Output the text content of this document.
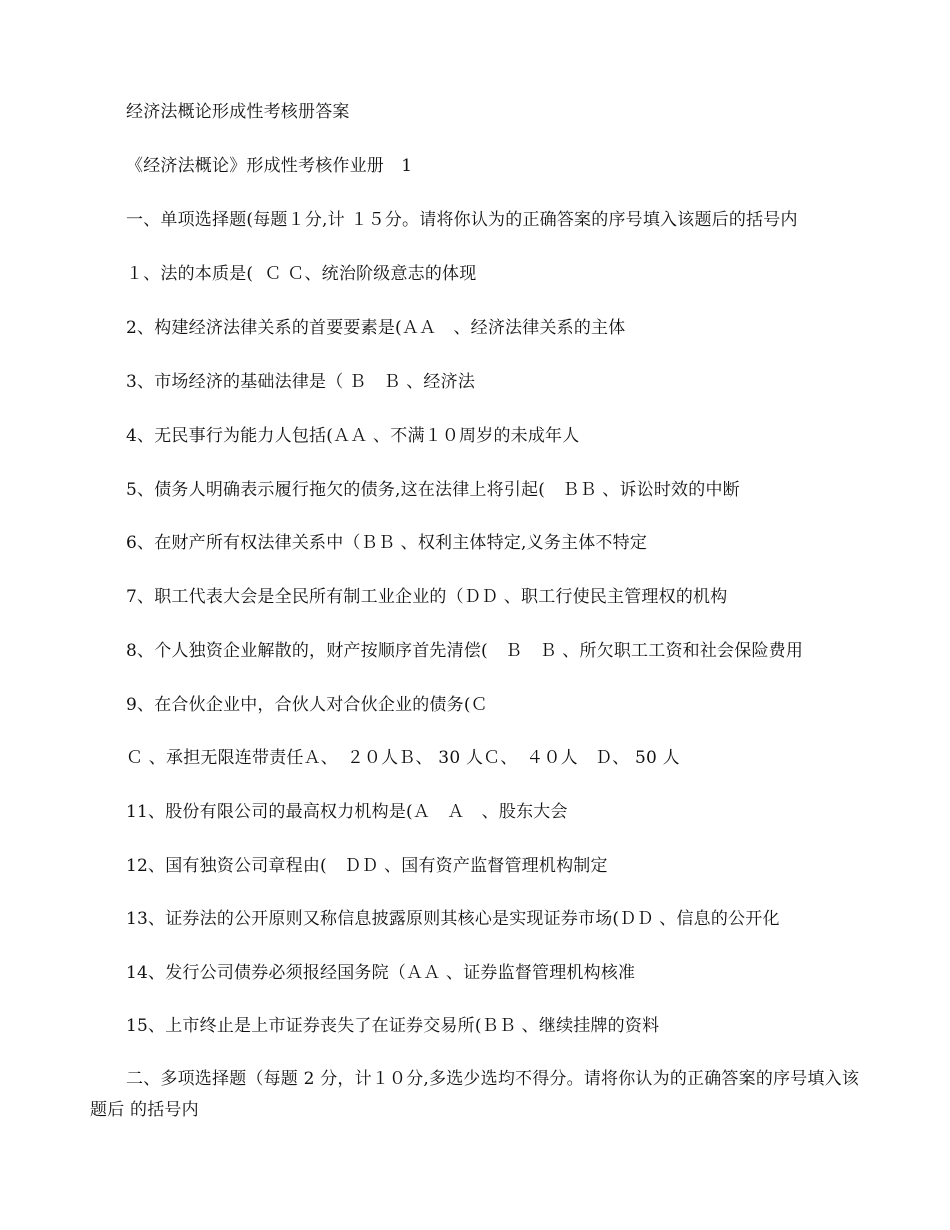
经济法概论形成性考核册答案
《经济法概论》形成性考核作业册　1
一、单项选择题(每题１分,计 １５分。请将你认为的正确答案的序号填入该题后的括号内
１、法的本质是(  Ｃ Ｃ、统治阶级意志的体现
2、构建经济法律关系的首要要素是(ＡＡ　、经济法律关系的主体
3、市场经济的基础法律是（ Ｂ　Ｂ 、经济法
4、无民事行为能力人包括(ＡＡ 、不满１０周岁的未成年人
5、债务人明确表示履行拖欠的债务,这在法律上将引起(　ＢＢ 、诉讼时效的中断
6、在财产所有权法律关系中（ＢＢ 、权利主体特定,义务主体不特定
7、职工代表大会是全民所有制工业企业的（ＤＤ 、职工行使民主管理权的机构
8、个人独资企业解散的，财产按顺序首先清偿(　Ｂ　Ｂ 、所欠职工工资和社会保险费用
9、在合伙企业中，合伙人对合伙企业的债务(Ｃ
Ｃ 、承担无限连带责任Ａ、　２０人Ｂ、 30 人Ｃ、　４０人　Ｄ、 50 人
11、股份有限公司的最高权力机构是(Ａ　Ａ　、股东大会
12、国有独资公司章程由(　ＤＤ 、国有资产监督管理机构制定
13、证券法的公开原则又称信息披露原则其核心是实现证券市场(ＤＤ 、信息的公开化
14、发行公司债券必须报经国务院（ＡＡ 、证券监督管理机构核准
15、上市终止是上市证券丧失了在证券交易所(ＢＢ 、继续挂牌的资料
二、多项选择题（每题 2 分，计１０分,多选少选均不得分。请将你认为的正确答案的序号填入该题后 的括号内
